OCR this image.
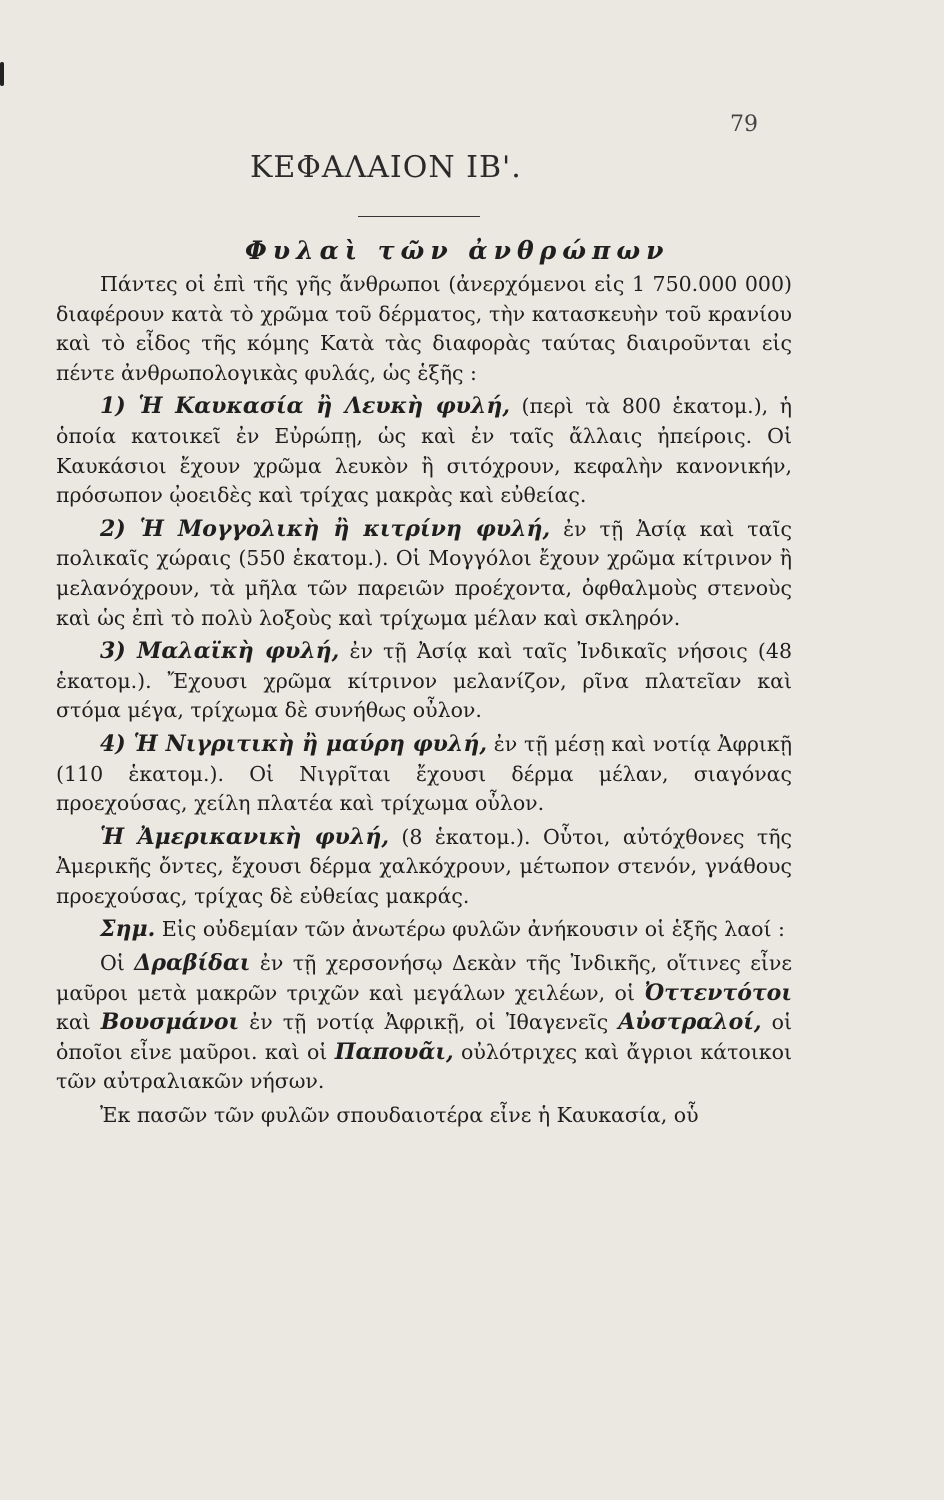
79
ΚΕΦΑΛΑΙΟΝ ΙΒ'.
Φυλαὶ τῶν ἀνθρώπων

Πάντες οἱ ἐπὶ τῆς γῆς ἄνθρωποι (ἀνερχόμενοι εἰς 1 750.000 000) διαφέρουν κατὰ τὸ χρῶμα τοῦ δέρματος, τὴν κατασκευὴν τοῦ κρανίου καὶ τὸ εἶδος τῆς κόμης Κατὰ τὰς διαφορὰς ταύτας διαιροῦνται εἰς πέντε ἀνθρωπολογικὰς φυλάς, ὡς ἑξῆς :

1) Ἡ Καυκασία ἢ Λευκὴ φυλή, (περὶ τὰ 800 ἑκατομ.), ἡ ὁποία κατοικεῖ ἐν Εὐρώπῃ, ὡς καὶ ἐν ταῖς ἄλλαις ἠπείροις. Οἱ Καυκάσιοι ἔχουν χρῶμα λευκὸν ἢ σιτόχρουν, κεφαλὴν κανονικήν, πρόσωπον ᾠοειδὲς καὶ τρίχας μακρὰς καὶ εὐθείας.

2) Ἡ Μογγολικὴ ἢ κιτρίνη φυλή, ἐν τῇ Ἀσίᾳ καὶ ταῖς πολικαῖς χώραις (550 ἑκατομ.). Οἱ Μογγόλοι ἔχουν χρῶμα κίτρινον ἢ μελανόχρουν, τὰ μῆλα τῶν παρειῶν προέχοντα, ὀφθαλμοὺς στενοὺς καὶ ὡς ἐπὶ τὸ πολὺ λοξοὺς καὶ τρίχωμα μέλαν καὶ σκληρόν.

3) Μαλαϊκὴ φυλή, ἐν τῇ Ἀσίᾳ καὶ ταῖς Ἰνδικαῖς νήσοις (48 ἑκατομ.). Ἔχουσι χρῶμα κίτρινον μελανίζον, ρῖνα πλατεῖαν καὶ στόμα μέγα, τρίχωμα δὲ συνήθως οὖλον.

4) Ἡ Νιγριτικὴ ἢ μαύρη φυλή, ἐν τῇ μέσῃ καὶ νοτίᾳ Ἀφρικῇ (110 ἑκατομ.). Οἱ Νιγρῖται ἔχουσι δέρμα μέλαν, σιαγόνας προεχούσας, χείλη πλατέα καὶ τρίχωμα οὖλον.

Ἡ Ἀμερικανικὴ φυλή, (8 ἑκατομ.). Οὗτοι, αὐτόχθονες τῆς Ἀμερικῆς ὄντες, ἔχουσι δέρμα χαλκόχρουν, μέτωπον στενόν, γνάθους προεχούσας, τρίχας δὲ εὐθείας μακράς.

Σημ. Εἰς οὐδεμίαν τῶν ἀνωτέρω φυλῶν ἀνήκουσιν οἱ ἑξῆς λαοί :

Οἱ Δραβίδαι ἐν τῇ χερσονήσῳ Δεκὰν τῆς Ἰνδικῆς, οἵτινες εἶνε μαῦροι μετὰ μακρῶν τριχῶν καὶ μεγάλων χειλέων, οἱ Ὀττεντότοι καὶ Βουσμάνοι ἐν τῇ νοτίᾳ Ἀφρικῇ, οἱ Ἰθαγενεῖς Αὐστραλοί, οἱ ὁποῖοι εἶνε μαῦροι. καὶ οἱ Παπουᾶι, οὐλότριχες καὶ ἄγριοι κάτοικοι τῶν αὐτραλιακῶν νήσων.

Ἐκ πασῶν τῶν φυλῶν σπουδαιοτέρα εἶνε ἡ Καυκασία, οὗ
